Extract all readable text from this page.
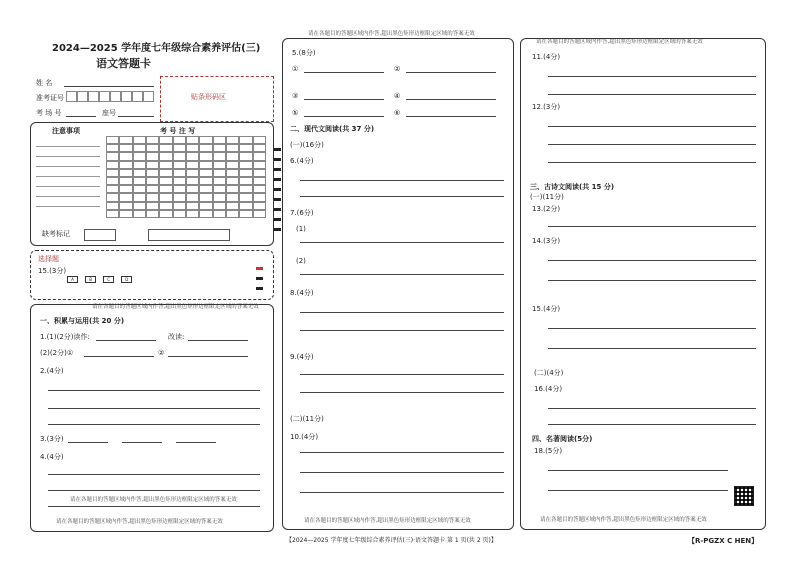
2024—2025 学年度七年级综合素养评估(三)
语文答题卡
姓 名
准考证号
考 场 号	座号
贴条形码区
注意事项	考 号 注 写
缺考标记
选择题
15.(3分)
A	B	C	D
请在各题目的答题区域内作答,超出黑色矩形边框限定区域的答案无效
一、积累与运用(共 20 分)
1.(1)(2分)读作:	改读:
(2)(2分)①	②
2.(4分)
3.(3分)
4.(4分)
请在各题目的答题区域内作答,超出黑色矩形边框限定区域的答案无效
请在各题目的答题区域内作答,超出黑色矩形边框限定区域的答案无效
请在各题目的答题区域内作答,超出黑色矩形边框限定区域的答案无效
5.(8分)
①	②
③	④
⑤	⑥
二、现代文阅读(共 37 分)
(一)(16分)
6.(4分)
7.(6分)
(1)
(2)
8.(4分)
9.(4分)
(二)(11分)
10.(4分)
请在各题目的答题区域内作答,超出黑色矩形边框限定区域的答案无效
请在各题目的答题区域内作答,超出黑色矩形边框限定区域的答案无效
11.(4分)
12.(3分)
三、古诗文阅读(共 15 分)
(一)(11分)
13.(2分)
14.(3分)
15.(4分)
(二)(4分)
16.(4分)
四、名著阅读(5分)
18.(5分)
请在各题目的答题区域内作答,超出黑色矩形边框限定区域的答案无效
【2024—2025 学年度七年级综合素养评估(三)·语文答题卡 第 1 页(共 2 页)】	【R-PGZX C HEN】
